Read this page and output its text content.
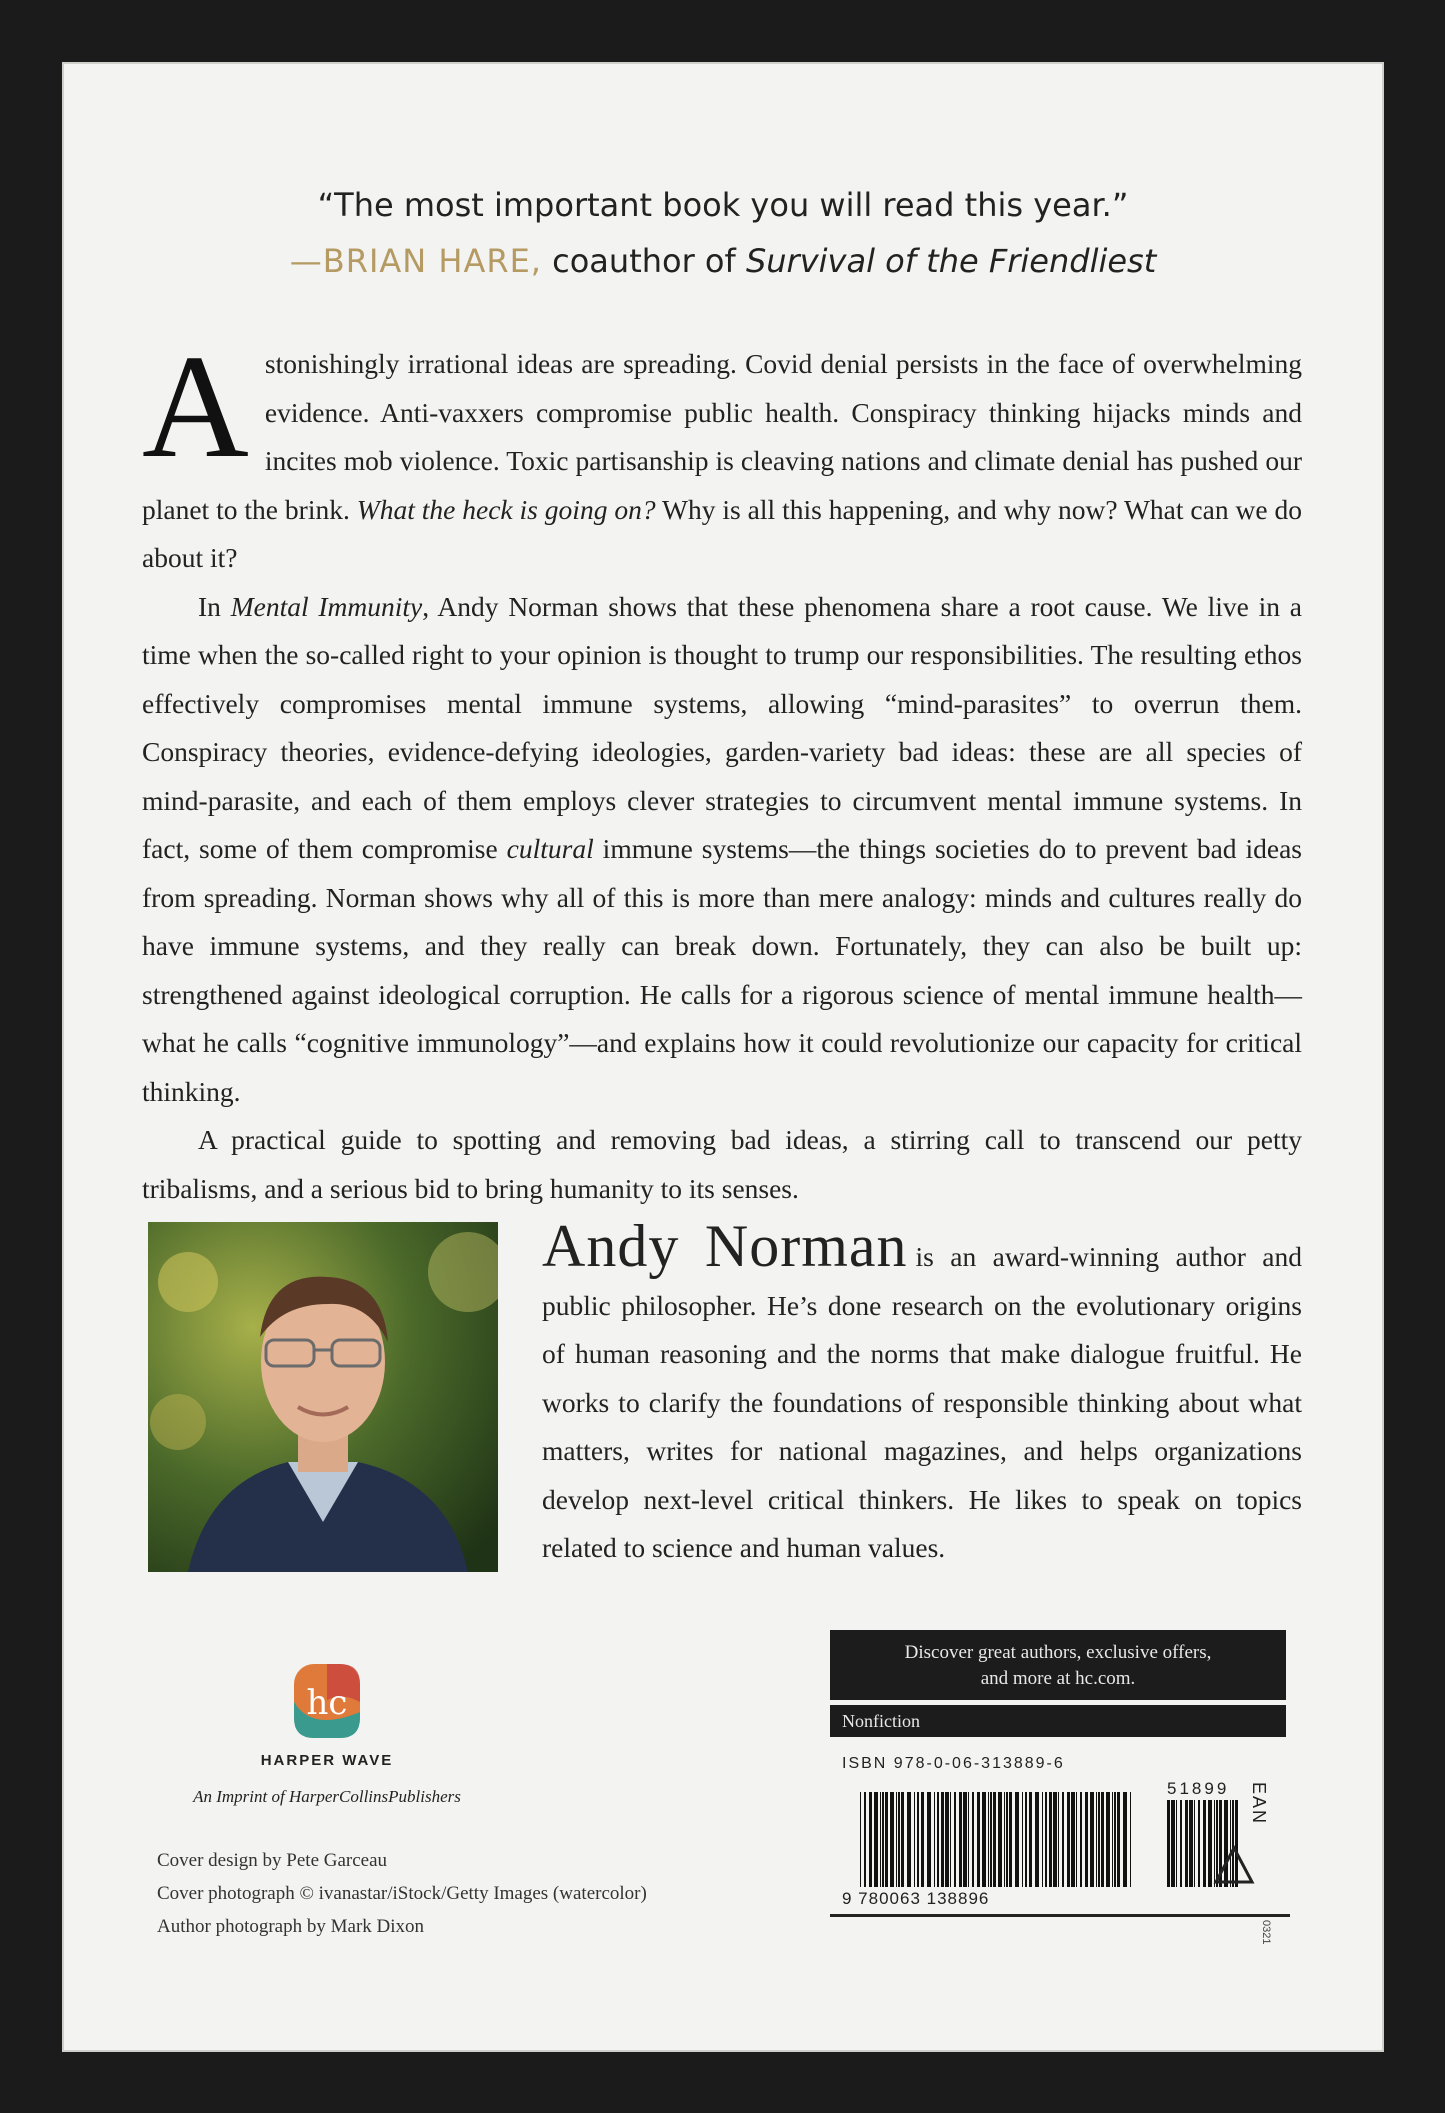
“The most important book you will read this year.”
—BRIAN HARE, coauthor of Survival of the Friendliest

Astonishingly irrational ideas are spreading. Covid denial persists in the face of overwhelming evidence. Anti-vaxxers compromise public health. Conspiracy thinking hijacks minds and incites mob violence. Toxic partisanship is cleaving nations and climate denial has pushed our planet to the brink. What the heck is going on? Why is all this happening, and why now? What can we do about it?

In Mental Immunity, Andy Norman shows that these phenomena share a root cause. We live in a time when the so-called right to your opinion is thought to trump our responsibilities. The resulting ethos effectively compromises mental immune systems, allowing “mind-parasites” to overrun them. Conspiracy theories, evidence-defying ideologies, garden-variety bad ideas: these are all species of mind-parasite, and each of them employs clever strategies to circumvent mental immune systems. In fact, some of them compromise cultural immune systems—the things societies do to prevent bad ideas from spreading. Norman shows why all of this is more than mere analogy: minds and cultures really do have immune systems, and they really can break down. Fortunately, they can also be built up: strengthened against ideological corruption. He calls for a rigorous science of mental immune health—what he calls “cognitive immunology”—and explains how it could revolutionize our capacity for critical thinking.

A practical guide to spotting and removing bad ideas, a stirring call to transcend our petty tribalisms, and a serious bid to bring humanity to its senses.

Andy Norman is an award-winning author and public philosopher. He’s done research on the evolutionary origins of human reasoning and the norms that make dialogue fruitful. He works to clarify the foundations of responsible thinking about what matters, writes for national magazines, and helps organizations develop next-level critical thinkers. He likes to speak on topics related to science and human values.
hc
HARPER WAVE
An Imprint of HarperCollinsPublishers
Cover design by Pete Garceau
Cover photograph © ivanastar/iStock/Getty Images (watercolor)
Author photograph by Mark Dixon
Discover great authors, exclusive offers,
and more at hc.com.
Nonfiction
ISBN 978-0-06-313889-6
9 780063 138896
51899 EAN
0321
